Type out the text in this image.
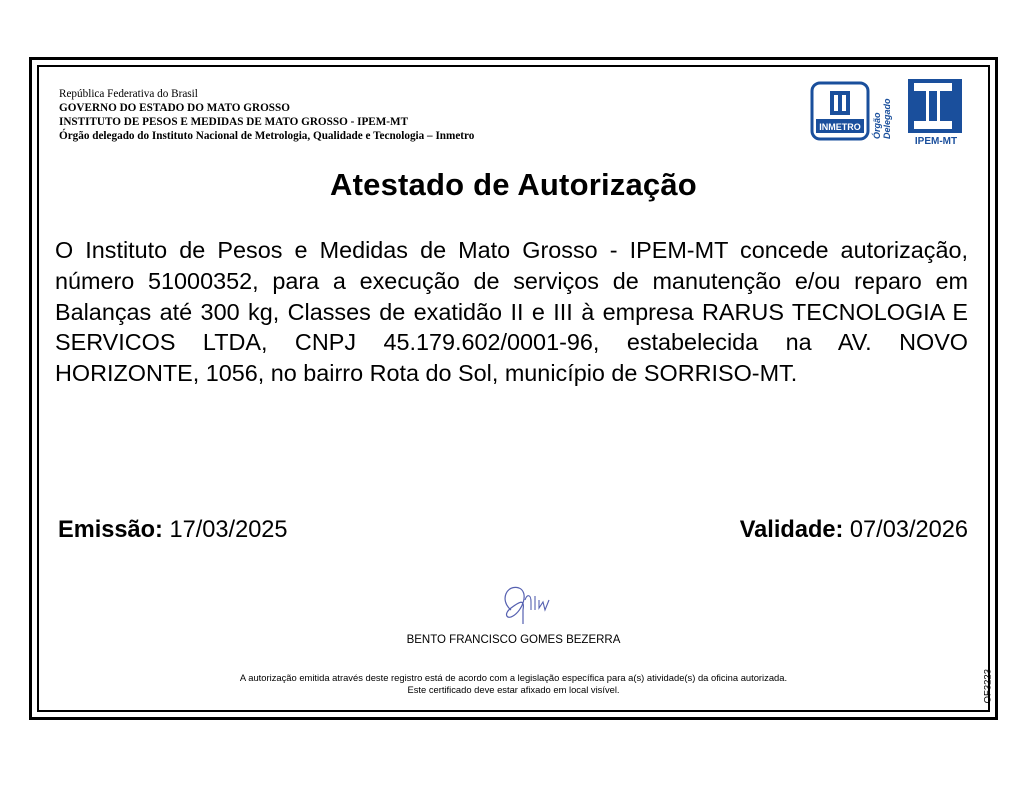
República Federativa do Brasil
GOVERNO DO ESTADO DO MATO GROSSO
INSTITUTO DE PESOS E MEDIDAS DE MATO GROSSO - IPEM-MT
Órgão delegado do Instituto Nacional de Metrologia, Qualidade e Tecnologia – Inmetro
INMETRO Órgão Delegado
IPEM-MT
Atestado de Autorização
O Instituto de Pesos e Medidas de Mato Grosso - IPEM-MT concede autorização, número 51000352, para a execução de serviços de manutenção e/ou reparo em Balanças até 300 kg, Classes de exatidão II e III à empresa RARUS TECNOLOGIA E SERVICOS LTDA, CNPJ 45.179.602/0001-96, estabelecida na AV. NOVO HORIZONTE, 1056, no bairro Rota do Sol, município de SORRISO-MT.
Emissão: 17/03/2025	Validade: 07/03/2026
BENTO FRANCISCO GOMES BEZERRA
A autorização emitida através deste registro está de acordo com a legislação específica para a(s) atividade(s) da oficina autorizada.
Este certificado deve estar afixado em local visível.	OF3223
